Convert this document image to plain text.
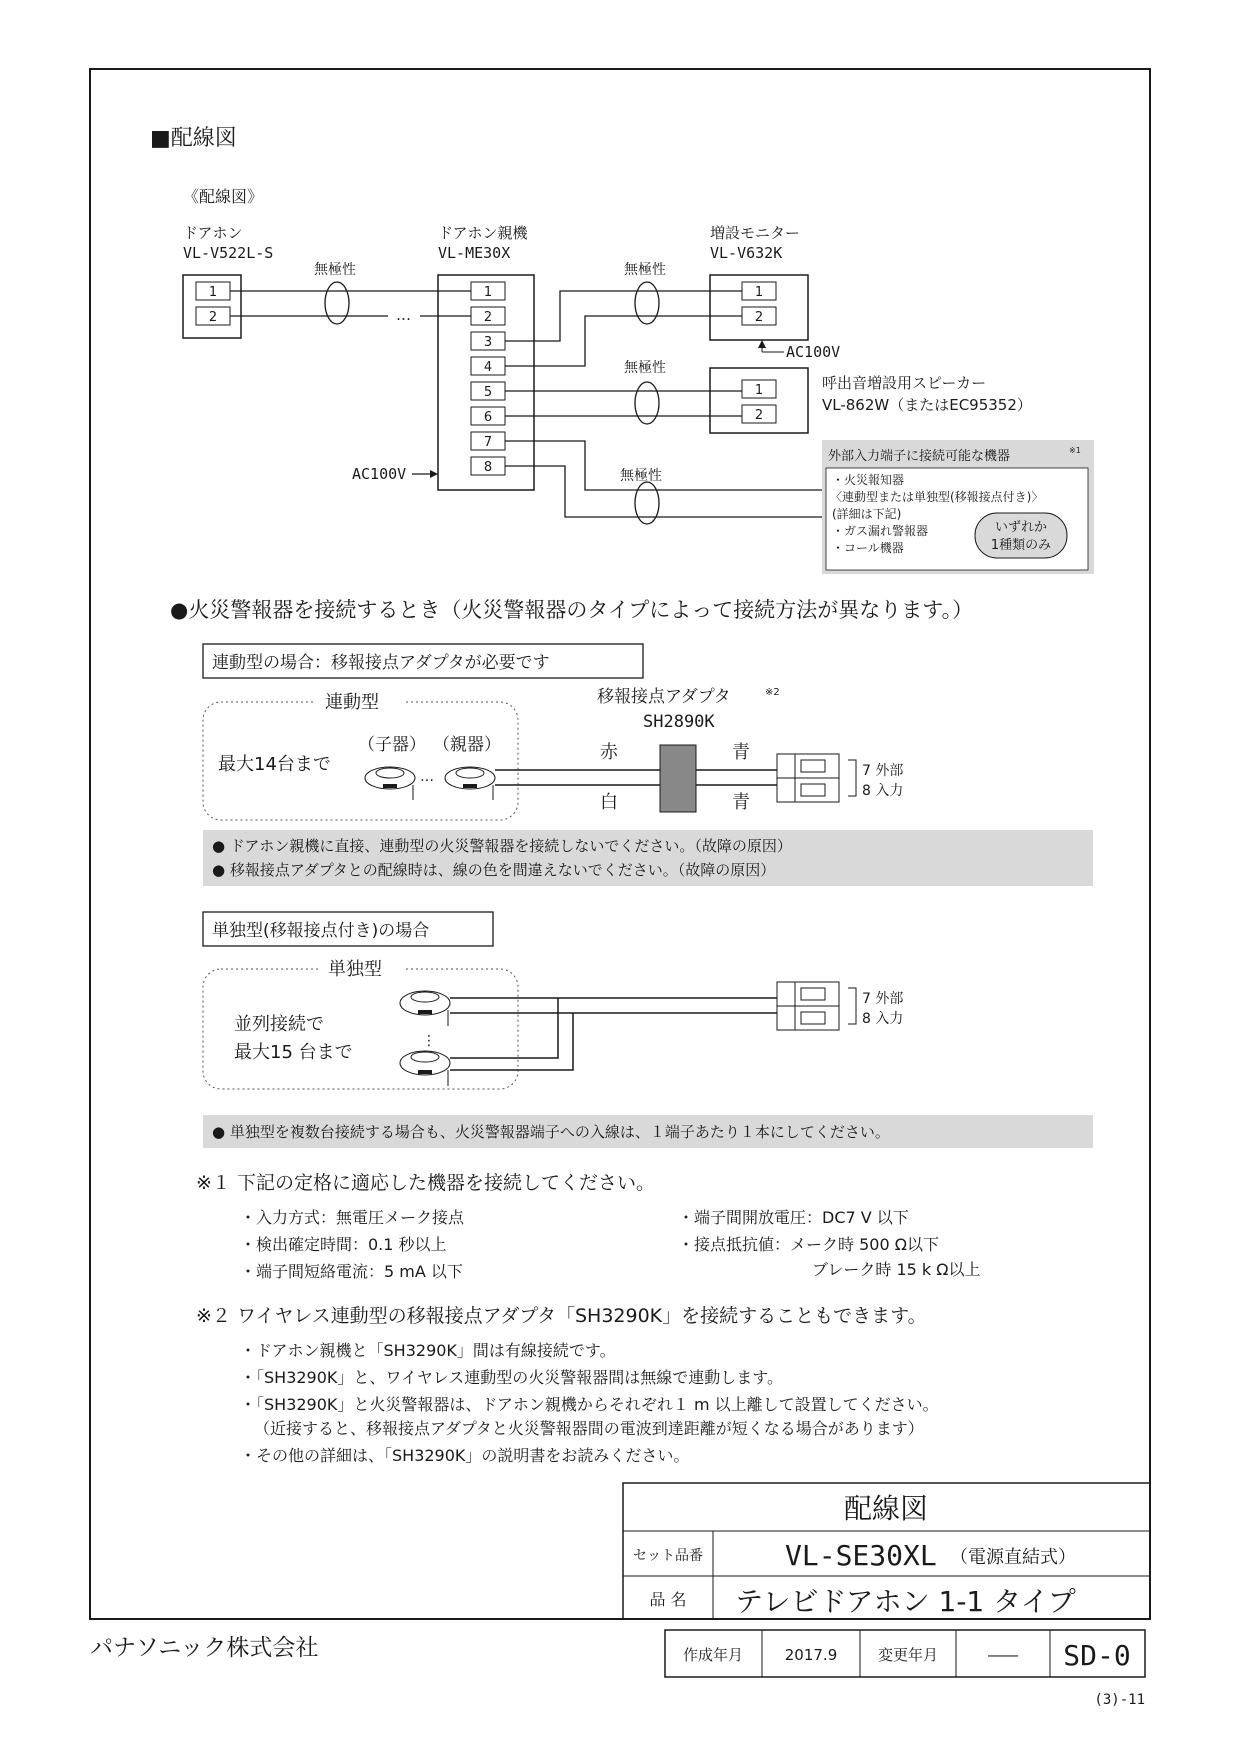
■配線図
《配線図》
ドアホン
VL-V522L-S
1
2
ドアホン親機
VL-ME30X
1
2
3
4
5
6
7
8
AC100V
増設モニター
VL-V632K
1
2
AC100V
1
2
呼出音増設用スピーカー
VL-862W（またはEC95352）
…
無極性	無極性
無極性
無極性
外部入力端子に接続可能な機器	※1
・火災報知器
〈連動型または単独型(移報接点付き)〉
(詳細は下記)
・ガス漏れ警報器
・コール機器
いずれか
1種類のみ
●火災警報器を接続するとき（火災警報器のタイプによって接続方法が異なります。）
連動型の場合：移報接点アダプタが必要です
連動型
最大14台まで
（子器） （親器）
…
移報接点アダプタ	※2
SH2890K
赤
白
青
青
7 外部
8 入力
● ドアホン親機に直接、連動型の火災警報器を接続しないでください。（故障の原因）
● 移報接点アダプタとの配線時は、線の色を間違えないでください。（故障の原因）
単独型(移報接点付き)の場合
単独型
並列接続で
最大15 台まで
⋮
7 外部
8 入力
● 単独型を複数台接続する場合も、火災警報器端子への入線は、１端子あたり１本にしてください。
※１ 下記の定格に適応した機器を接続してください。
・入力方式：無電圧メーク接点
・検出確定時間：0.1 秒以上
・端子間短絡電流：5 mA 以下
・端子間開放電圧：DC7 V 以下
・接点抵抗値：メーク時 500 Ω以下
ブレーク時 15 k Ω以上
※２ ワイヤレス連動型の移報接点アダプタ「SH3290K」を接続することもできます。
・ドアホン親機と「SH3290K」間は有線接続です。
・「SH3290K」と、ワイヤレス連動型の火災警報器間は無線で連動します。
・「SH3290K」と火災警報器は、ドアホン親機からそれぞれ１ m 以上離して設置してください。
（近接すると、移報接点アダプタと火災警報器間の電波到達距離が短くなる場合があります）
・その他の詳細は、「SH3290K」の説明書をお読みください。
配線図
セット品番	VL-SE30XL （電源直結式）
品 名 テレビドアホン 1-1 タイプ
作成年月	2017.9	変更年月	―― SD-0
パナソニック株式会社
(3)-11
